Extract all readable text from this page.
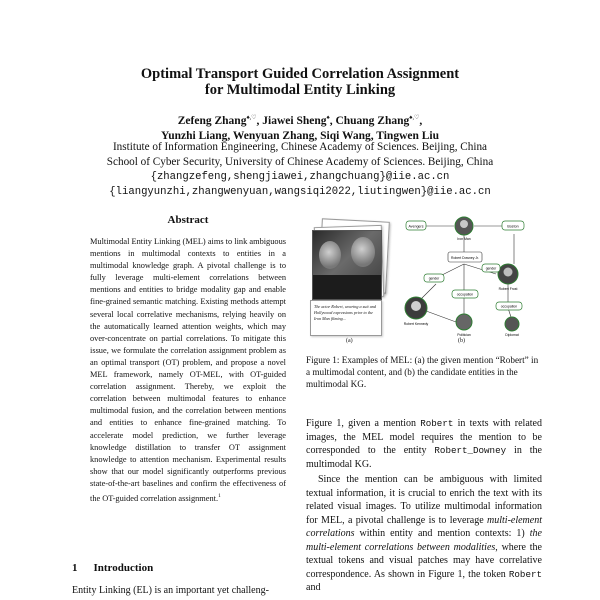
Optimal Transport Guided Correlation Assignment
for Multimodal Entity Linking
Zefeng Zhang♠,♡, Jiawei Sheng♠, Chuang Zhang♠,♡,
Yunzhi Liang, Wenyuan Zhang, Siqi Wang, Tingwen Liu
Institute of Information Engineering, Chinese Academy of Sciences. Beijing, China
School of Cyber Security, University of Chinese Academy of Sciences. Beijing, China
{zhangzefeng,shengjiawei,zhangchuang}@iie.ac.cn
{liangyunzhi,zhangwenyuan,wangsiqi2022,liutingwen}@iie.ac.cn
Abstract
Multimodal Entity Linking (MEL) aims to link ambiguous mentions in multimodal contexts to entities in a multimodal knowledge graph. A pivotal challenge is to fully leverage multi-element correlations between mentions and entities to bridge modality gap and enable fine-grained semantic matching. Existing methods attempt several local correlative mechanisms, relying heavily on the automatically learned attention weights, which may over-concentrate on partial correlations. To mitigate this issue, we formulate the correlation assignment problem as an optimal transport (OT) problem, and propose a novel MEL framework, namely OT-MEL, with OT-guided correlation assignment. Thereby, we exploit the correlation between multimodal features to enhance multimodal fusion, and the correlation between mentions and entities to enhance fine-grained matching. To accelerate model prediction, we further leverage knowledge distillation to transfer OT assignment knowledge to attention mechanism. Experimental results show that our model significantly outperforms previous state-of-the-art baselines and confirm the effectiveness of the OT-guided correlation assignment.$^1$
1 Introduction
Entity Linking (EL) is an important yet challeng-
The actor Robert, wearing a suit and Hollywood expressions prior to the Iron Man filming...
(a)
Avengers
Iron Man
Boston
Robert Downey Jr.
gender
Robert Frost
gender
occupation
Robert Kennedy
Politician
occupation
Diplomat
(b)
Figure 1: Examples of MEL: (a) the given mention “Robert” in a multimodal content, and (b) the candidate entities in the multimodal KG.

Figure 1, given a mention Robert in texts with related images, the MEL model requires the mention to be corresponded to the entity Robert_Downey in the multimodal KG.

Since the mention can be ambiguous with limited textual information, it is crucial to enrich the text with its related visual images. To utilize multimodal information for MEL, a pivotal challenge is to leverage multi-element correlations within entity and mention contexts: 1) the multi-element correlations between modalities, where the textual tokens and visual patches may have correlative correspondence. As shown in Figure 1, the token Robert and
